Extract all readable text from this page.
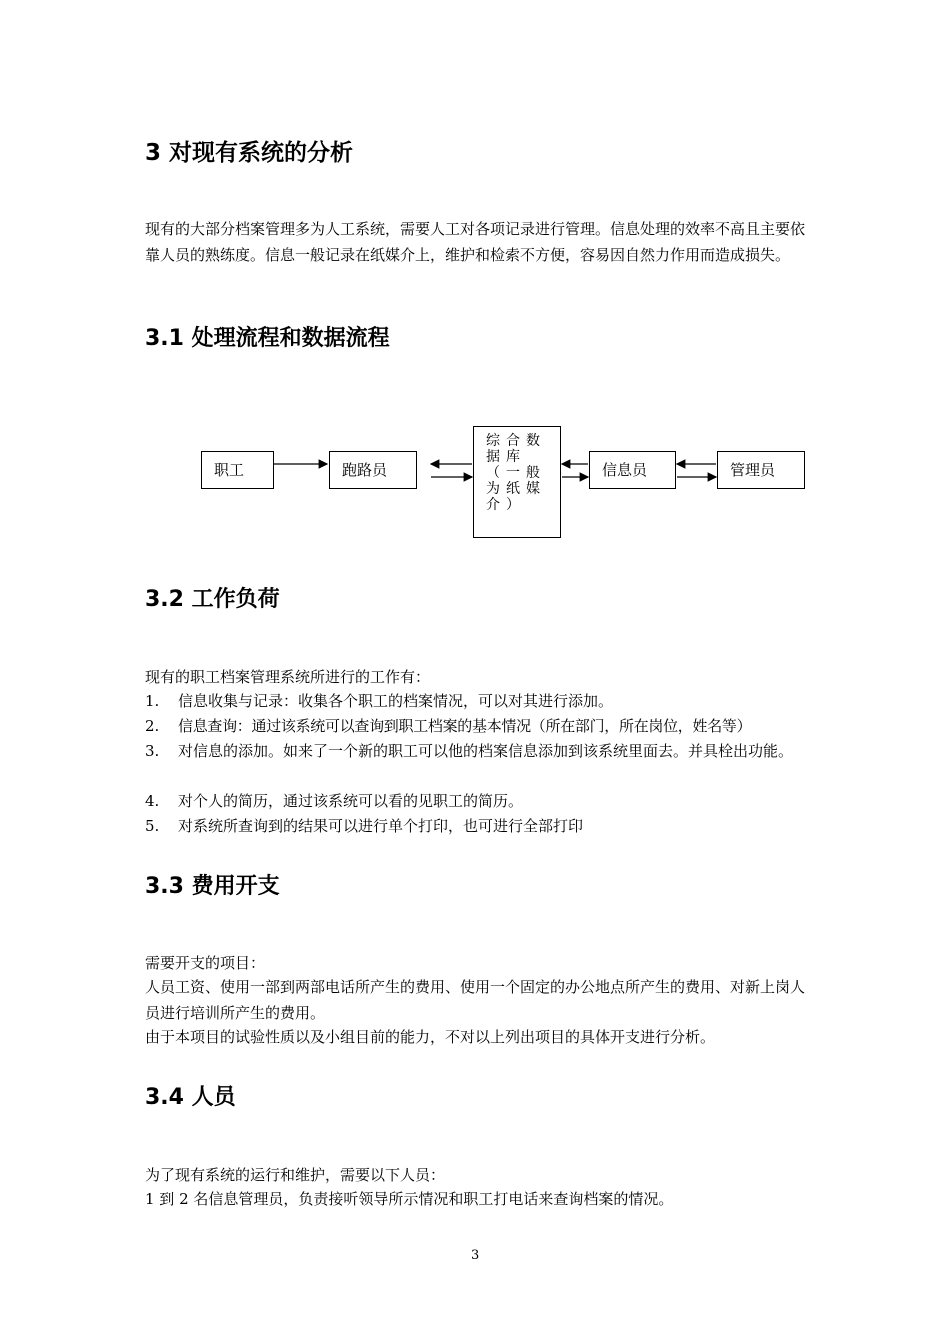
3 对现有系统的分析
现有的大部分档案管理多为人工系统，需要人工对各项记录进行管理。信息处理的效率不高且主要依靠人员的熟练度。信息一般记录在纸媒介上，维护和检索不方便，容易因自然力作用而造成损失。
3.1 处理流程和数据流程
职工	跑路员
综合数据库（一般为纸媒介）
信息员	管理员
3.2 工作负荷
现有的职工档案管理系统所进行的工作有：
1. 信息收集与记录：收集各个职工的档案情况，可以对其进行添加。
2. 信息查询：通过该系统可以查询到职工档案的基本情况（所在部门，所在岗位，姓名等）
3. 对信息的添加。如来了一个新的职工可以他的档案信息添加到该系统里面去。并具栓出功能。
4. 对个人的简历，通过该系统可以看的见职工的简历。
5. 对系统所查询到的结果可以进行单个打印，也可进行全部打印
3.3 费用开支
需要开支的项目：
人员工资、使用一部到两部电话所产生的费用、使用一个固定的办公地点所产生的费用、对新上岗人员进行培训所产生的费用。
由于本项目的试验性质以及小组目前的能力，不对以上列出项目的具体开支进行分析。
3.4 人员
为了现有系统的运行和维护，需要以下人员：
1 到 2 名信息管理员，负责接听领导所示情况和职工打电话来查询档案的情况。
3
